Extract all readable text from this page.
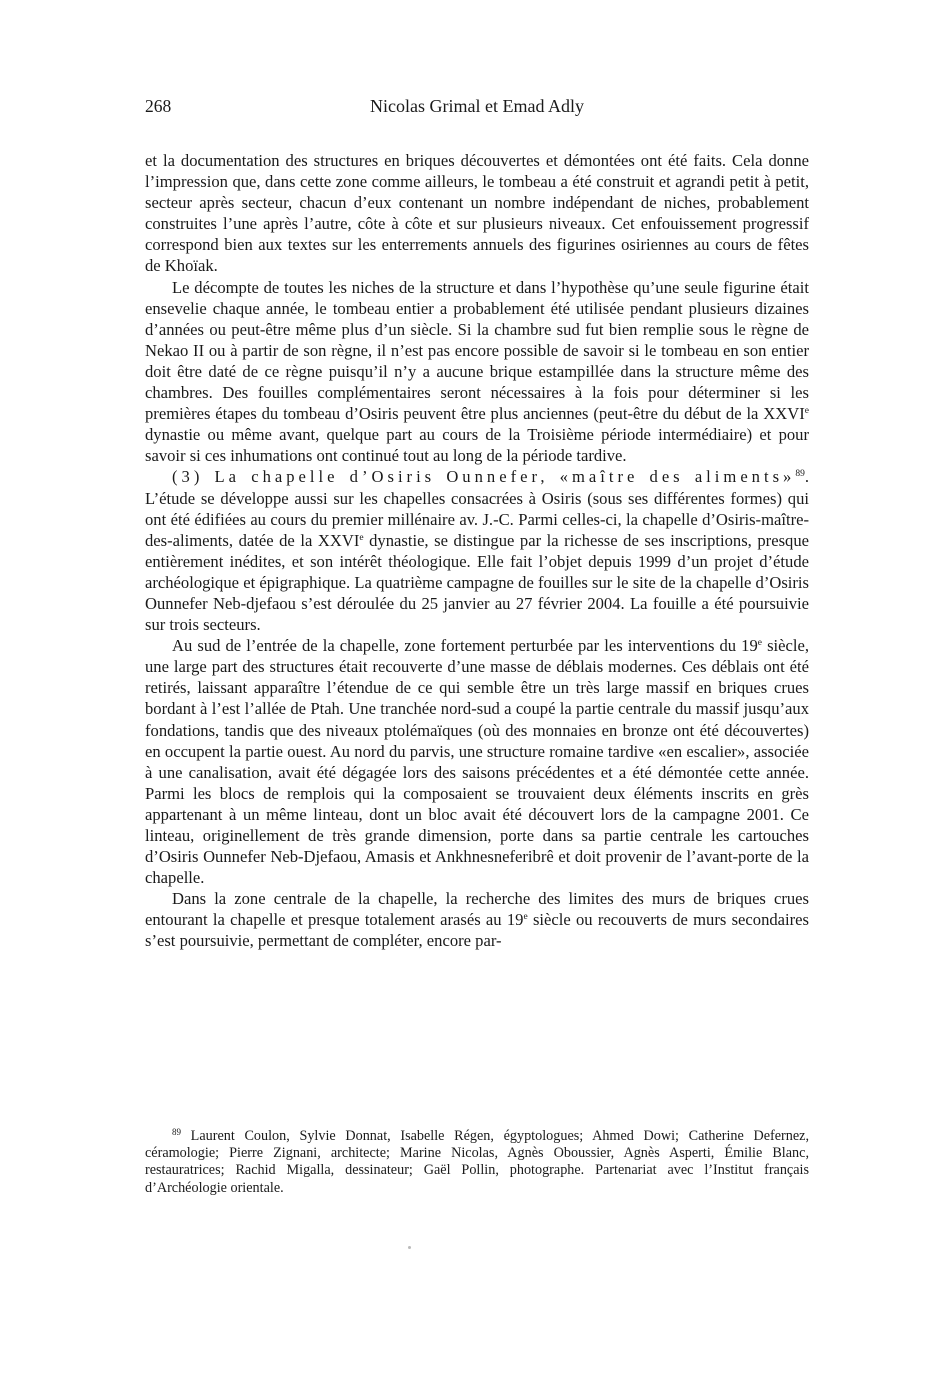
268	Nicolas Grimal et Emad Adly

et la documentation des structures en briques découvertes et démontées ont été faits. Cela donne l’impression que, dans cette zone comme ailleurs, le tombeau a été construit et agrandi petit à petit, secteur après secteur, chacun d’eux contenant un nombre indépendant de niches, probablement construites l’une après l’autre, côte à côte et sur plusieurs niveaux. Cet enfouissement progressif correspond bien aux textes sur les enterrements annuels des figurines osiriennes au cours de fêtes de Khoïak.

Le décompte de toutes les niches de la structure et dans l’hypothèse qu’une seule figurine était ensevelie chaque année, le tombeau entier a probablement été utilisée pendant plusieurs dizaines d’années ou peut-être même plus d’un siècle. Si la chambre sud fut bien remplie sous le règne de Nekao II ou à partir de son règne, il n’est pas encore possible de savoir si le tombeau en son entier doit être daté de ce règne puisqu’il n’y a aucune brique estampillée dans la structure même des chambres. Des fouilles complémentaires seront nécessaires à la fois pour déterminer si les premières étapes du tombeau d’Osiris peuvent être plus anciennes (peut-être du début de la XXVIe dynastie ou même avant, quelque part au cours de la Troisième période intermédiaire) et pour savoir si ces inhumations ont continué tout au long de la période tardive.

(3) La chapelle d’Osiris Ounnefer, «maître des aliments»$^{89}$. L’étude se développe aussi sur les chapelles consacrées à Osiris (sous ses différentes formes) qui ont été édifiées au cours du premier millénaire av. J.-C. Parmi celles-ci, la chapelle d’Osiris-maître-des-aliments, datée de la XXVIe dynastie, se distingue par la richesse de ses inscriptions, presque entièrement inédites, et son intérêt théologique. Elle fait l’objet depuis 1999 d’un projet d’étude archéologique et épigraphique. La quatrième campagne de fouilles sur le site de la chapelle d’Osiris Ounnefer Neb-djefaou s’est déroulée du 25 janvier au 27 février 2004. La fouille a été poursuivie sur trois secteurs.

Au sud de l’entrée de la chapelle, zone fortement perturbée par les interventions du 19e siècle, une large part des structures était recouverte d’une masse de déblais modernes. Ces déblais ont été retirés, laissant apparaître l’étendue de ce qui semble être un très large massif en briques crues bordant à l’est l’allée de Ptah. Une tranchée nord-sud a coupé la partie centrale du massif jusqu’aux fondations, tandis que des niveaux ptolémaïques (où des monnaies en bronze ont été découvertes) en occupent la partie ouest. Au nord du parvis, une structure romaine tardive «en escalier», associée à une canalisation, avait été dégagée lors des saisons précédentes et a été démontée cette année. Parmi les blocs de remplois qui la composaient se trouvaient deux éléments inscrits en grès appartenant à un même linteau, dont un bloc avait été découvert lors de la campagne 2001. Ce linteau, originellement de très grande dimension, porte dans sa partie centrale les cartouches d’Osiris Ounnefer Neb-Djefaou, Amasis et Ankhnesneferibrê et doit provenir de l’avant-porte de la chapelle.

Dans la zone centrale de la chapelle, la recherche des limites des murs de briques crues entourant la chapelle et presque totalement arasés au 19e siècle ou recouverts de murs secondaires s’est poursuivie, permettant de compléter, encore par-

$^{89}$ Laurent Coulon, Sylvie Donnat, Isabelle Régen, égyptologues; Ahmed Dowi; Catherine Defernez, céramologie; Pierre Zignani, architecte; Marine Nicolas, Agnès Oboussier, Agnès Asperti, Émilie Blanc, restauratrices; Rachid Migalla, dessinateur; Gaël Pollin, photographe. Partenariat avec l’Institut français d’Archéologie orientale.
